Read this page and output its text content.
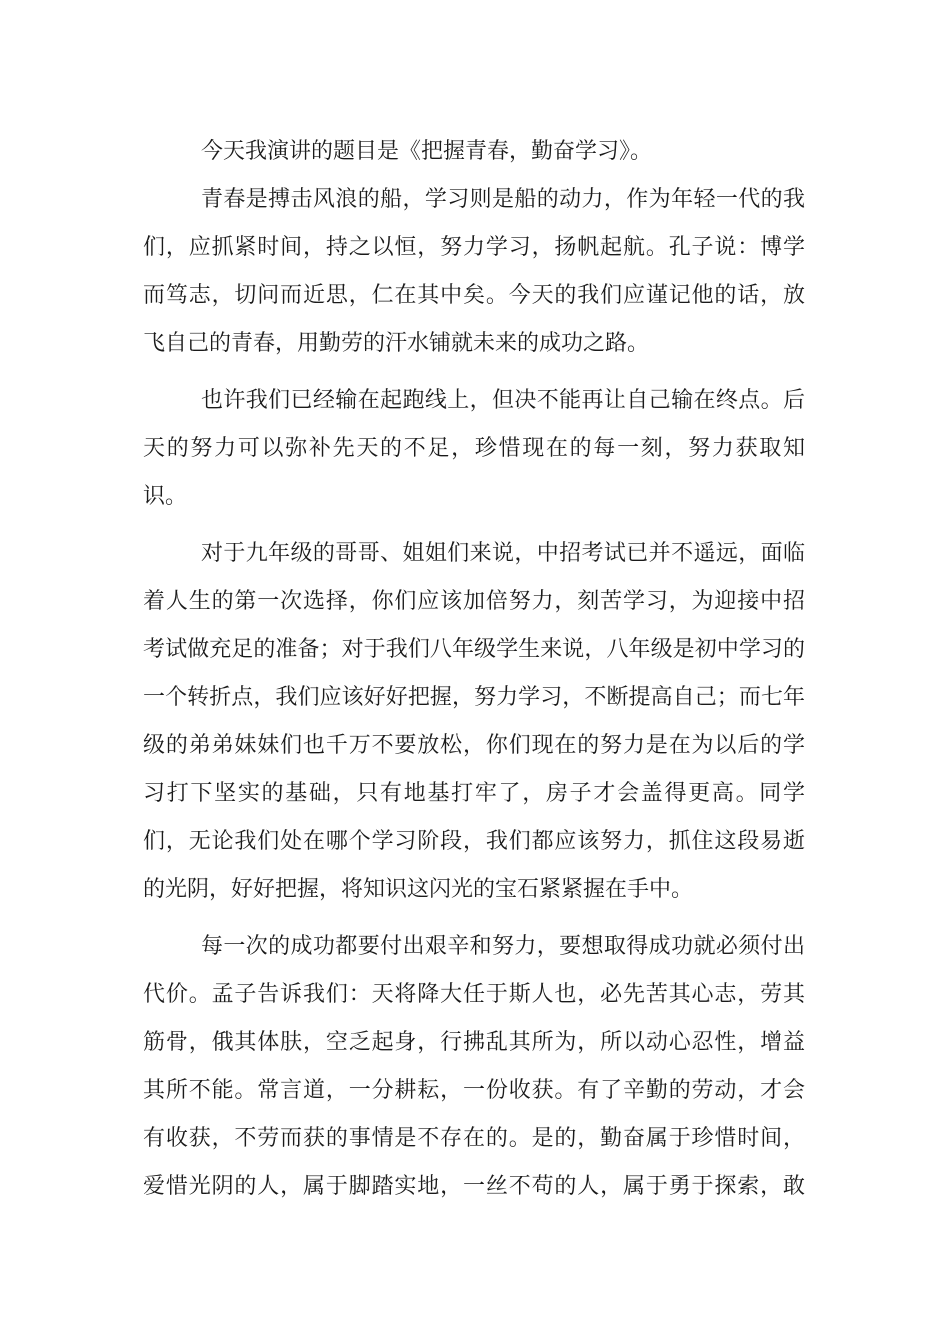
今天我演讲的题目是《把握青春，勤奋学习》。
青春是搏击风浪的船，学习则是船的动力，作为年轻一代的我
们，应抓紧时间，持之以恒，努力学习，扬帆起航。孔子说：博学
而笃志，切问而近思，仁在其中矣。今天的我们应谨记他的话，放
飞自己的青春，用勤劳的汗水铺就未来的成功之路。
也许我们已经输在起跑线上，但决不能再让自己输在终点。后
天的努力可以弥补先天的不足，珍惜现在的每一刻，努力获取知
识。
对于九年级的哥哥、姐姐们来说，中招考试已并不遥远，面临
着人生的第一次选择，你们应该加倍努力，刻苦学习，为迎接中招
考试做充足的准备；对于我们八年级学生来说，八年级是初中学习的
一个转折点，我们应该好好把握，努力学习，不断提高自己；而七年
级的弟弟妹妹们也千万不要放松，你们现在的努力是在为以后的学
习打下坚实的基础，只有地基打牢了，房子才会盖得更高。同学
们，无论我们处在哪个学习阶段，我们都应该努力，抓住这段易逝
的光阴，好好把握，将知识这闪光的宝石紧紧握在手中。
每一次的成功都要付出艰辛和努力，要想取得成功就必须付出
代价。孟子告诉我们：天将降大任于斯人也，必先苦其心志，劳其
筋骨，俄其体肤，空乏起身，行拂乱其所为，所以动心忍性，增益
其所不能。常言道，一分耕耘，一份收获。有了辛勤的劳动，才会
有收获，不劳而获的事情是不存在的。是的，勤奋属于珍惜时间，
爱惜光阴的人，属于脚踏实地，一丝不苟的人，属于勇于探索，敢
